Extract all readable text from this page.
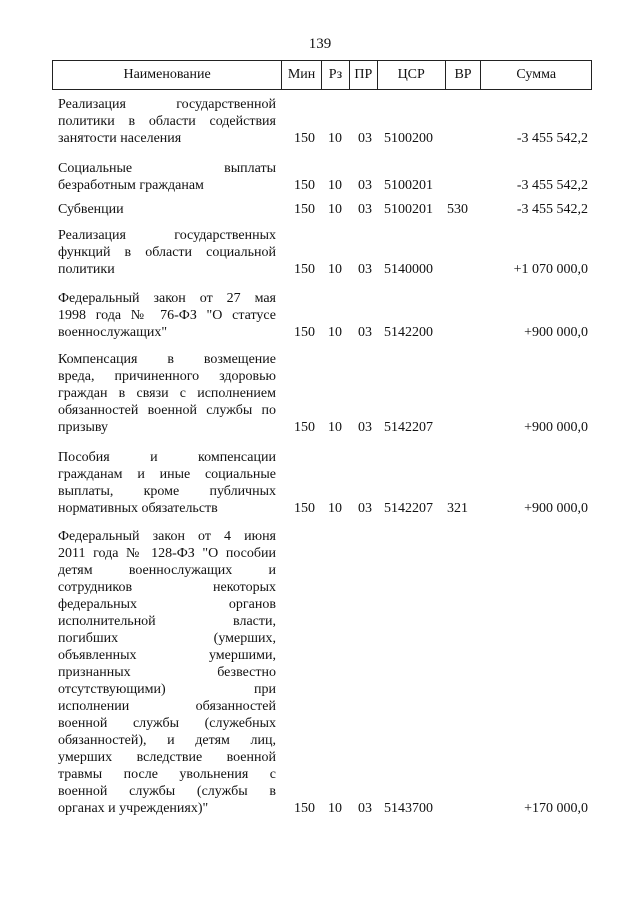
139
Наименование	Мин Рз ПР	ЦСР	ВР	Сумма
Реализация государственной
политики в области содействия
занятости населения	150 10 03 5100200	-3 455 542,2
Социальные выплаты
безработным гражданам	150 10 03 5100201	-3 455 542,2
Субвенции	150 10 03 5100201 530	-3 455 542,2
Реализация государственных
функций в области социальной
политики	150 10 03 5140000	+1 070 000,0
Федеральный закон от 27 мая
1998 года № 76-ФЗ "О статусе
военнослужащих"	150 10 03 5142200	+900 000,0
Компенсация в возмещение
вреда, причиненного здоровью
граждан в связи с исполнением
обязанностей военной службы по
призыву	150 10 03 5142207	+900 000,0
Пособия и компенсации
гражданам и иные социальные
выплаты, кроме публичных
нормативных обязательств	150 10 03 5142207 321	+900 000,0
Федеральный закон от 4 июня
2011 года № 128-ФЗ "О пособии
детям военнослужащих и
сотрудников некоторых
федеральных органов
исполнительной власти,
погибших (умерших,
объявленных умершими,
признанных безвестно
отсутствующими) при
исполнении обязанностей
военной службы (служебных
обязанностей), и детям лиц,
умерших вследствие военной
травмы после увольнения с
военной службы (службы в
органах и учреждениях)"	150 10 03 5143700	+170 000,0
